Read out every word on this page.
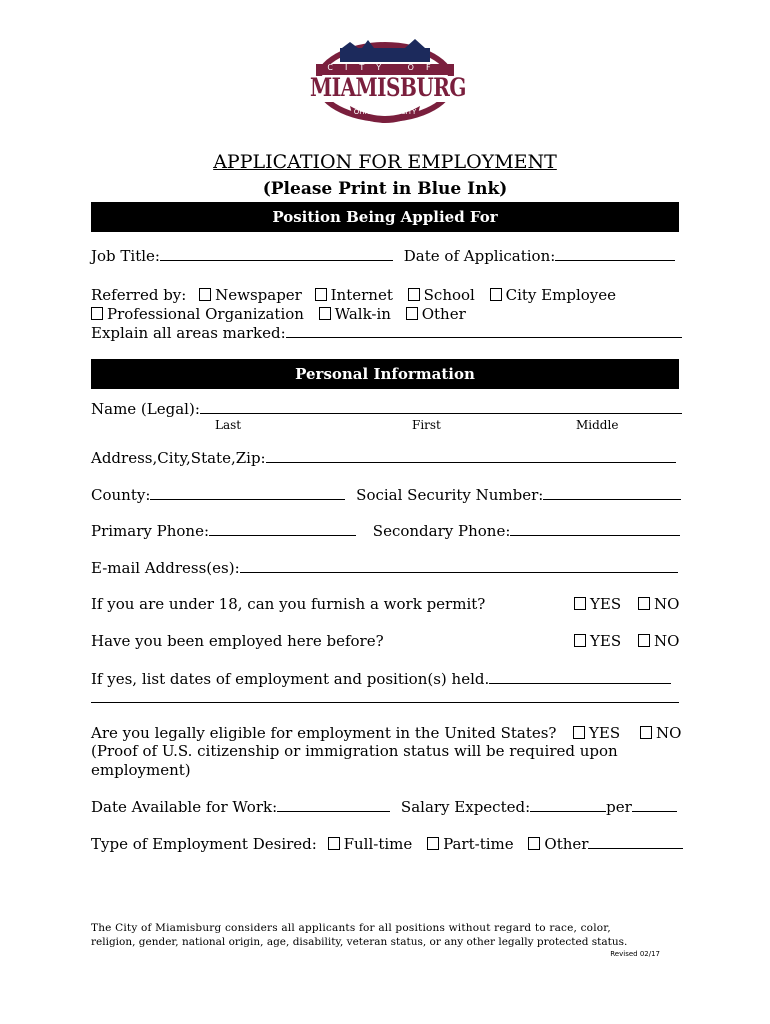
CITY OF
MIAMISBURG
OHIO'S STAR CITY
APPLICATION FOR EMPLOYMENT
(Please Print in Blue Ink)
Position Being Applied For
Job Title:	Date of Application:
Referred by: Newspaper Internet School City Employee
Professional Organization Walk-in Other
Explain all areas marked:
Personal Information
Name (Legal):
Last	First	Middle
Address,City,State,Zip:
County:	Social Security Number:
Primary Phone:	Secondary Phone:
E-mail Address(es):
If you are under 18, can you furnish a work permit?	YES	NO
Have you been employed here before?	YES	NO
If yes, list dates of employment and position(s) held.
Are you legally eligible for employment in the United States?	YES	NO
(Proof of U.S. citizenship or immigration status will be required upon
employment)
Date Available for Work:	Salary Expected:	per
Type of Employment Desired: Full-time Part-time Other
The City of Miamisburg considers all applicants for all positions without regard to race, color,
religion, gender, national origin, age, disability, veteran status, or any other legally protected status.
Revised 02/17
